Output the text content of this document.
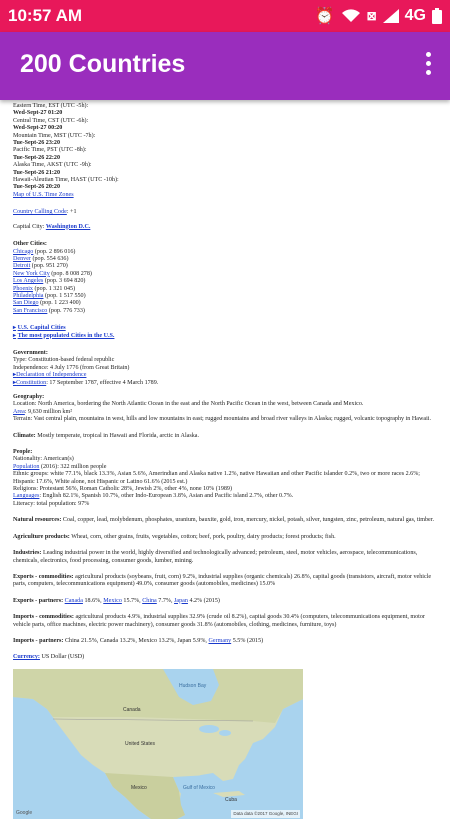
10:57 AM	⏰	⊠ 4G
200 Countries
Eastern Time, EST (UTC -5h):
Wed-Sept-27 01:20
Central Time, CST (UTC -6h):
Wed-Sept-27 00:20
Mountain Time, MST (UTC -7h):
Tue-Sept-26 23:20
Pacific Time, PST (UTC -8h):
Tue-Sept-26 22:20
Alaska Time, AKST (UTC -9h):
Tue-Sept-26 21:20
Hawaii-Aleutian Time, HAST (UTC -10h):
Tue-Sept-26 20:20
Map of U.S. Time Zones
Country Calling Code: +1
Capital City: Washington D.C.
Other Cities:
Chicago (pop. 2 896 016)
Denver (pop. 554 636)
Detroit (pop. 951 270)
New York City (pop. 8 008 278)
Los Angeles (pop. 3 694 820)
Phoenix (pop. 1 321 045)
Philadelphia (pop. 1 517 550)
San Diego (pop. 1 223 400)
San Francisco (pop. 776 733)
▸ U.S. Capital Cities
▸ The most populated Cities in the U.S.
Government:
Type: Constitution-based federal republic
Independence: 4 July 1776 (from Great Britain)
▸Declaration of Independence
▸Constitution: 17 September 1787, effective 4 March 1789.
Geography:
Location: North America, bordering the North Atlantic Ocean in the east and the North Pacific Ocean in the west, between Canada and Mexico.
Area: 9,630 million km²
Terrain: Vast central plain, mountains in west, hills and low mountains in east; rugged mountains and broad river valleys in Alaska; rugged, volcanic topography in Hawaii.
Climate: Mostly temperate, tropical in Hawaii and Florida, arctic in Alaska.
People:
Nationality: American(s)
Population (2016): 322 million people
Ethnic groups: white 77.1%, black 13.3%, Asian 5.6%, Amerindian and Alaska native 1.2%, native Hawaiian and other Pacific islander 0.2%, two or more races 2.6%; Hispanic 17.6%, White alone, not Hispanic or Latino 61.6% (2015 est.)
Religions: Protestant 56%, Roman Catholic 28%, Jewish 2%, other 4%, none 10% (1989)
Languages: English 82.1%, Spanish 10.7%, other Indo-European 3.8%, Asian and Pacific island 2.7%, other 0.7%.
Literacy: total population: 97%
Natural resources: Coal, copper, lead, molybdenum, phosphates, uranium, bauxite, gold, iron, mercury, nickel, potash, silver, tungsten, zinc, petroleum, natural gas, timber.
Agriculture products: Wheat, corn, other grains, fruits, vegetables, cotton; beef, pork, poultry, dairy products; forest products; fish.
Industries: Leading industrial power in the world, highly diversified and technologically advanced; petroleum, steel, motor vehicles, aerospace, telecommunications, chemicals, electronics, food processing, consumer goods, lumber, mining.
Exports - commodities: agricultural products (soybeans, fruit, corn) 9.2%, industrial supplies (organic chemicals) 26.8%, capital goods (transistors, aircraft, motor vehicle parts, computers, telecommunications equipment) 49.0%, consumer goods (automobiles, medicines) 15.0%
Exports - partners: Canada 18.6%, Mexico 15.7%, China 7.7%, Japan 4.2% (2015)
Imports - commodities: agricultural products 4.9%, industrial supplies 32.9% (crude oil 8.2%), capital goods 30.4% (computers, telecommunications equipment, motor vehicle parts, office machines, electric power machinery), consumer goods 31.8% (automobiles, clothing, medicines, furniture, toys)
Imports - partners: China 21.5%, Canada 13.2%, Mexico 13.2%, Japan 5.9%, Germany 5.5% (2015)
Currency: US Dollar (USD)
Canada
United States
Mexico	Gulf of Mexico
Hudson Bay
Cuba
Google	Data data ©2017 Google, INEGI
